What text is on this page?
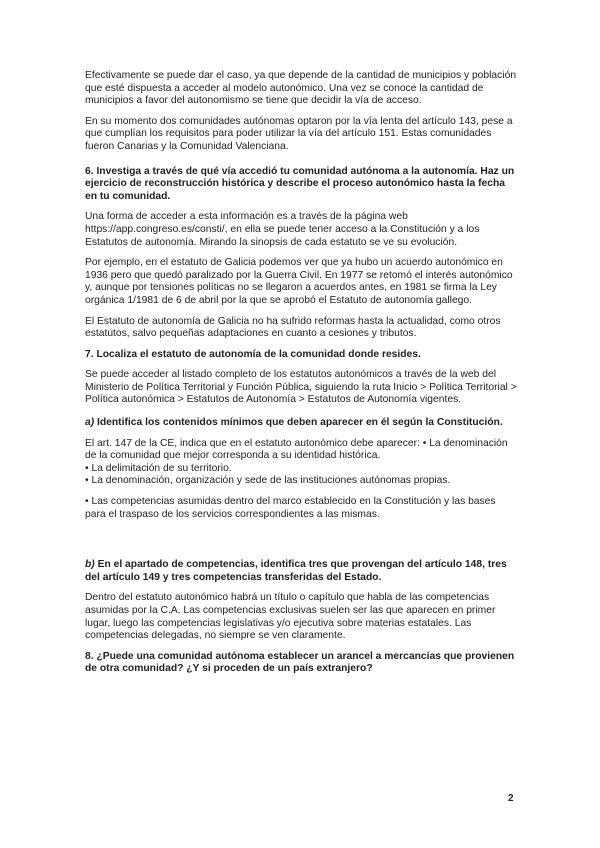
Efectivamente se puede dar el caso, ya que depende de la cantidad de municipios y población que esté dispuesta a acceder al modelo autonómico. Una vez se conoce la cantidad de municipios a favor del autonomismo se tiene que decidir la vía de acceso.

En su momento dos comunidades autónomas optaron por la vía lenta del artículo 143, pese a que cumplían los requisitos para poder utilizar la vía del artículo 151. Estas comunidades fueron Canarias y la Comunidad Valenciana.

6. Investiga a través de qué vía accedió tu comunidad autónoma a la autonomía. Haz un ejercicio de reconstrucción histórica y describe el proceso autonómico hasta la fecha en tu comunidad.

Una forma de acceder a esta información es a través de la página web https://app.congreso.es/consti/, en ella se puede tener acceso a la Constitución y a los Estatutos de autonomía. Mirando la sinopsis de cada estatuto se ve su evolución.

Por ejemplo, en el estatuto de Galicia podemos ver que ya hubo un acuerdo autonómico en 1936 pero que quedó paralizado por la Guerra Civil. En 1977 se retomó el interés autonómico y, aunque por tensiones políticas no se llegaron a acuerdos antes, en 1981 se firma la Ley orgánica 1/1981 de 6 de abril por la que se aprobó el Estatuto de autonomía gallego.

El Estatuto de autonomía de Galicia no ha sufrido reformas hasta la actualidad, como otros estatutos, salvo pequeñas adaptaciones en cuanto a cesiones y tributos.

7. Localiza el estatuto de autonomía de la comunidad donde resides.

Se puede acceder al listado completo de los estatutos autonómicos a través de la web del Ministerio de Política Territorial y Función Pública, siguiendo la ruta Inicio > Política Territorial > Política autonómica > Estatutos de Autonomía > Estatutos de Autonomía vigentes.

a) Identifica los contenidos mínimos que deben aparecer en él según la Constitución.

El art. 147 de la CE, indica que en el estatuto autonómico debe aparecer: • La denominación de la comunidad que mejor corresponda a su identidad histórica.

• La delimitación de su territorio.

• La denominación, organización y sede de las instituciones autónomas propias.

• Las competencias asumidas dentro del marco establecido en la Constitución y las bases para el traspaso de los servicios correspondientes a las mismas.

b) En el apartado de competencias, identifica tres que provengan del artículo 148, tres del artículo 149 y tres competencias transferidas del Estado.

Dentro del estatuto autonómico habrá un título o capítulo que habla de las competencias asumidas por la C.A. Las competencias exclusivas suelen ser las que aparecen en primer lugar, luego las competencias legislativas y/o ejecutiva sobre materias estatales. Las competencias delegadas, no siempre se ven claramente.

8. ¿Puede una comunidad autónoma establecer un arancel a mercancías que provienen de otra comunidad? ¿Y si proceden de un país extranjero?

2
